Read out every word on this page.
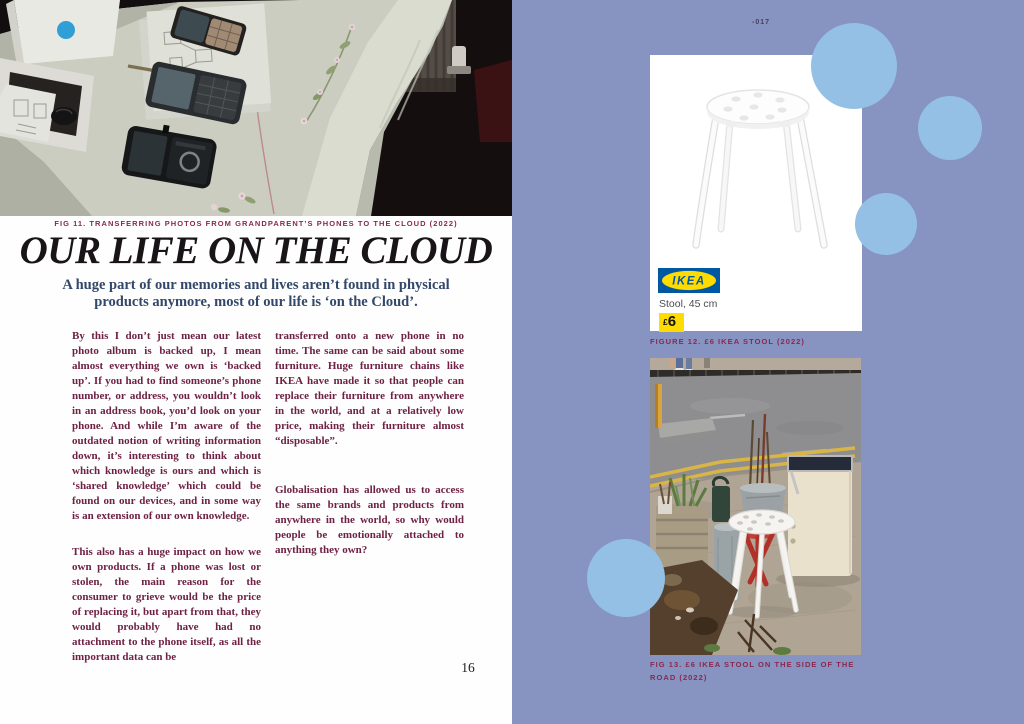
FIG 11. TRANSFERRING PHOTOS FROM GRANDPARENT’S PHONES TO THE CLOUD (2022)
OUR LIFE ON THE CLOUD
A huge part of our memories and lives aren’t found in physical
products anymore, most of our life is ‘on the Cloud’.

By this I don’t just mean our latest photo album is backed up, I mean almost everything we own is ‘backed up’. If you had to find someone’s phone number, or address, you wouldn’t look in an address book, you’d look on your phone. And while I’m aware of the outdated notion of writing information down, it’s interesting to think about which knowledge is ours and which is ‘shared knowledge’ which could be found on our devices, and in some way is an extension of our own knowledge.

This also has a huge impact on how we own products. If a phone was lost or stolen, the main reason for the consumer to grieve would be the price of replacing it, but apart from that, they would probably have had no attachment to the phone itself, as all the important data can be

transferred onto a new phone in no time. The same can be said about some furniture. Huge furniture chains like IKEA have made it so that people can replace their furniture from anywhere in the world, and at a relatively low price, making their furniture almost “disposable”.

Globalisation has allowed us to access the same brands and products from anywhere in the world, so why would people be emotionally attached to anything they own?

16
-017
IKEA
Stool, 45 cm
£6
FIGURE 12. £6 IKEA STOOL (2022)
FIG 13. £6 IKEA STOOL ON THE SIDE OF THE
ROAD (2022)
